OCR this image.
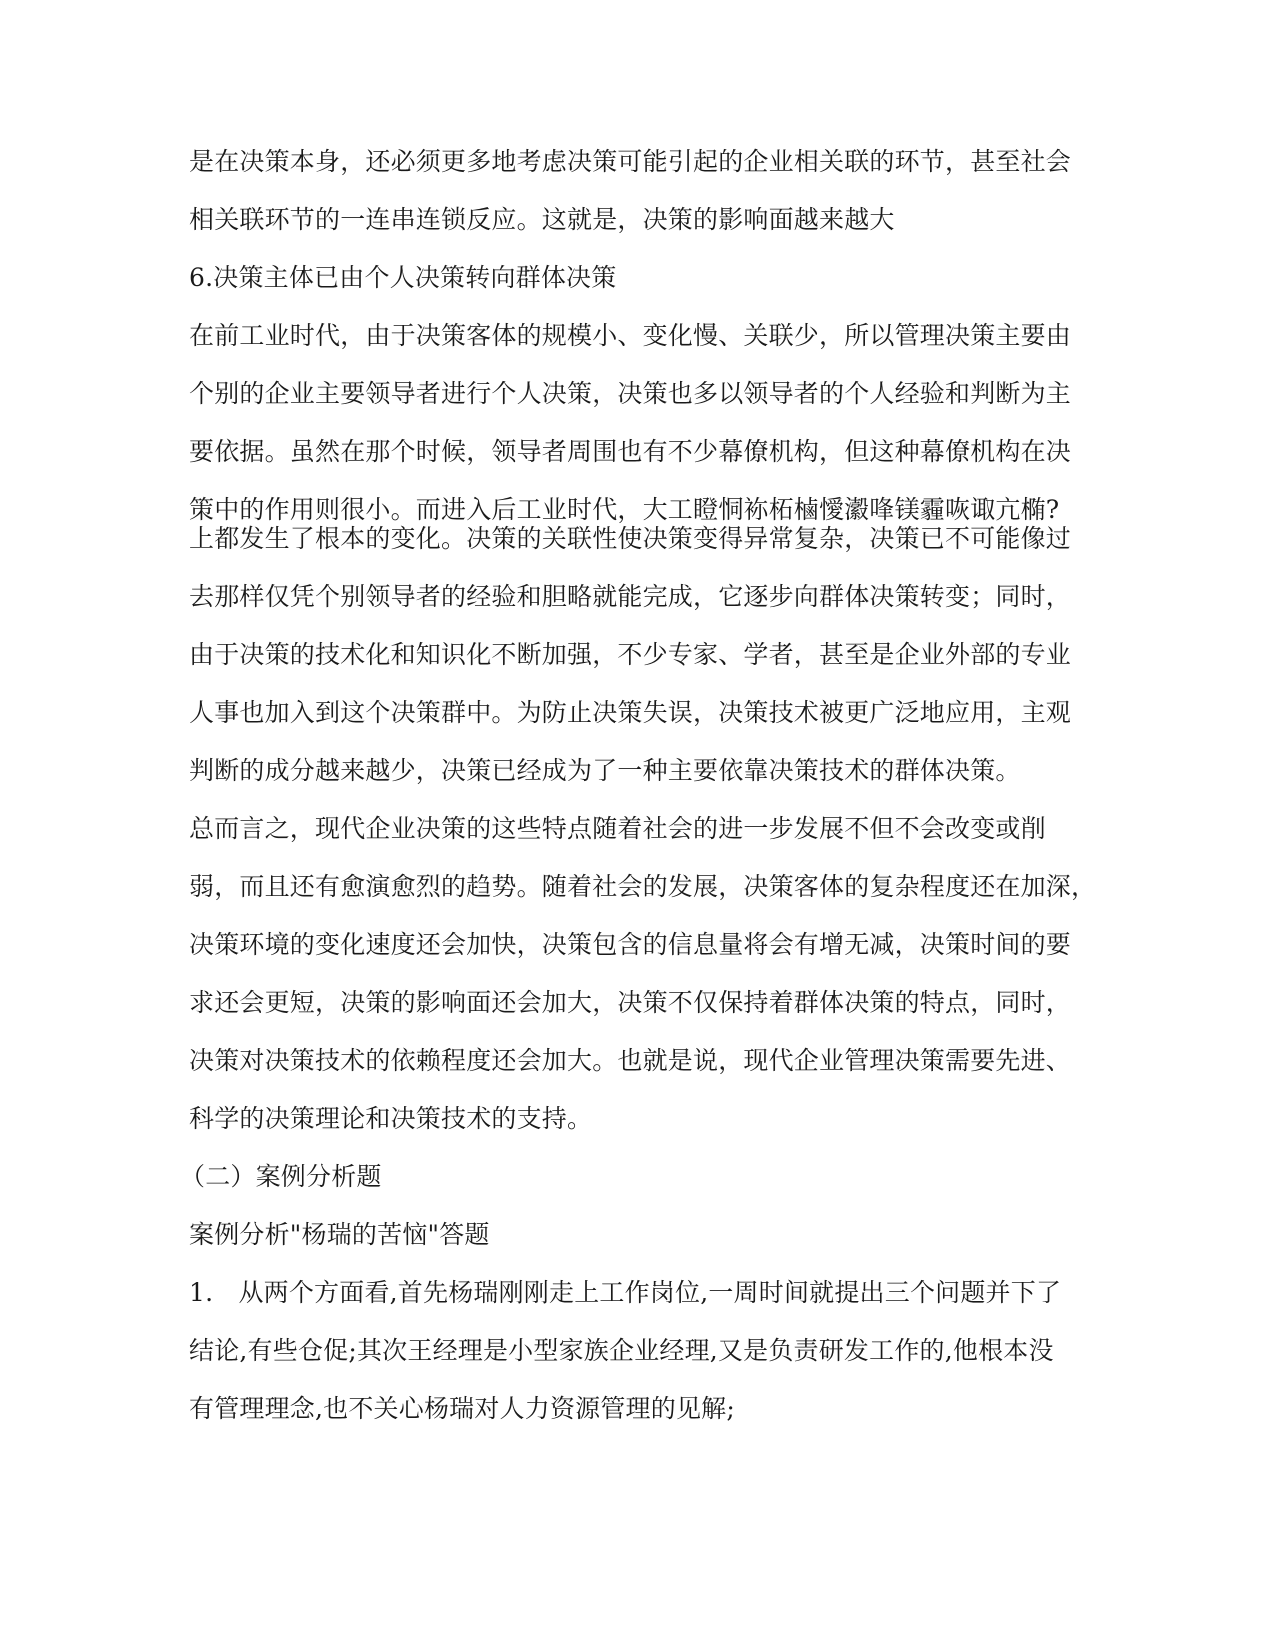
是在决策本身，还必须更多地考虑决策可能引起的企业相关联的环节，甚至社会
相关联环节的一连串连锁反应。这就是，决策的影响面越来越大
6.决策主体已由个人决策转向群体决策
在前工业时代，由于决策客体的规模小、变化慢、关联少，所以管理决策主要由
个别的企业主要领导者进行个人决策，决策也多以领导者的个人经验和判断为主
要依据。虽然在那个时候，领导者周围也有不少幕僚机构，但这种幕僚机构在决
策中的作用则很小。而进入后工业时代，大工瞪恫袮柘樐懓瀫㖓镁霾咴诹亢椭?
上都发生了根本的变化。决策的关联性使决策变得异常复杂，决策已不可能像过
去那样仅凭个别领导者的经验和胆略就能完成，它逐步向群体决策转变；同时，
由于决策的技术化和知识化不断加强，不少专家、学者，甚至是企业外部的专业
人事也加入到这个决策群中。为防止决策失误，决策技术被更广泛地应用，主观
判断的成分越来越少，决策已经成为了一种主要依靠决策技术的群体决策。
总而言之，现代企业决策的这些特点随着社会的进一步发展不但不会改变或削
弱，而且还有愈演愈烈的趋势。随着社会的发展，决策客体的复杂程度还在加深，
决策环境的变化速度还会加快，决策包含的信息量将会有增无减，决策时间的要
求还会更短，决策的影响面还会加大，决策不仅保持着群体决策的特点，同时，
决策对决策技术的依赖程度还会加大。也就是说，现代企业管理决策需要先进、
科学的决策理论和决策技术的支持。
（二）案例分析题
案例分析"杨瑞的苦恼"答题
1.　从两个方面看,首先杨瑞刚刚走上工作岗位,一周时间就提出三个问题并下了
结论,有些仓促;其次王经理是小型家族企业经理,又是负责研发工作的,他根本没
有管理理念,也不关心杨瑞对人力资源管理的见解;
